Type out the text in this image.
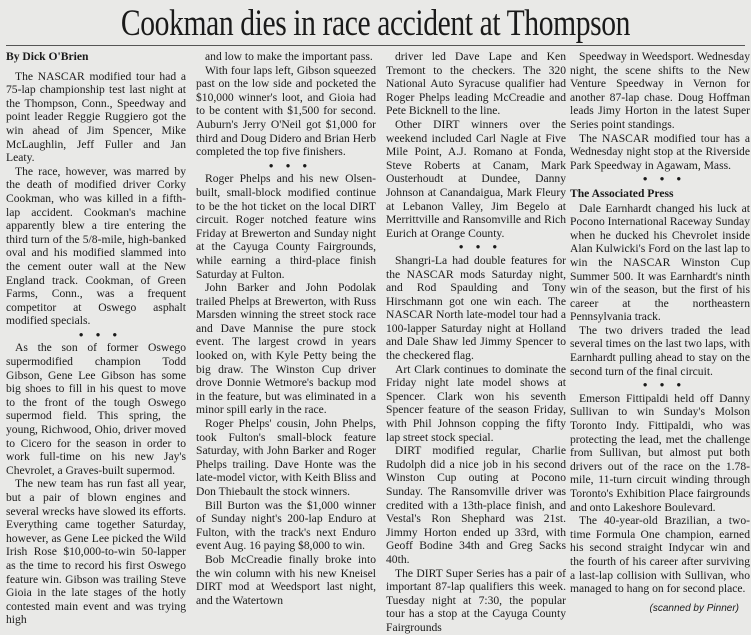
Cookman dies in race accident at Thompson

By Dick O'Brien

The NASCAR modified tour had a 75-lap championship test last night at the Thompson, Conn., Speedway and point leader Reggie Ruggiero got the win ahead of Jim Spencer, Mike McLaughlin, Jeff Fuller and Jan Leaty.

The race, however, was marred by the death of modified driver Corky Cookman, who was killed in a fifth-lap accident. Cookman's machine apparently blew a tire entering the third turn of the 5/8-mile, high-banked oval and his modified slammed into the cement outer wall at the New England track. Cookman, of Green Farms, Conn., was a frequent competitor at Oswego asphalt modified specials.

● ● ●

As the son of former Oswego supermodified champion Todd Gibson, Gene Lee Gibson has some big shoes to fill in his quest to move to the front of the tough Oswego supermod field. This spring, the young, Richwood, Ohio, driver moved to Cicero for the season in order to work full-time on his new Jay's Chevrolet, a Graves-built supermod.

The new team has run fast all year, but a pair of blown engines and several wrecks have slowed its efforts. Everything came together Saturday, however, as Gene Lee picked the Wild Irish Rose $10,000-to-win 50-lapper as the time to record his first Oswego feature win. Gibson was trailing Steve Gioia in the late stages of the hotly contested main event and was trying high

and low to make the important pass.

With four laps left, Gibson squeezed past on the low side and pocketed the $10,000 winner's loot, and Gioia had to be content with $1,500 for second. Auburn's Jerry O'Neil got $1,000 for third and Doug Didero and Brian Herb completed the top five finishers.

● ● ●

Roger Phelps and his new Olsen-built, small-block modified continue to be the hot ticket on the local DIRT circuit. Roger notched feature wins Friday at Brewerton and Sunday night at the Cayuga County Fairgrounds, while earning a third-place finish Saturday at Fulton.

John Barker and John Podolak trailed Phelps at Brewerton, with Russ Marsden winning the street stock race and Dave Mannise the pure stock event. The largest crowd in years looked on, with Kyle Petty being the big draw. The Winston Cup driver drove Donnie Wetmore's backup mod in the feature, but was eliminated in a minor spill early in the race.

Roger Phelps' cousin, John Phelps, took Fulton's small-block feature Saturday, with John Barker and Roger Phelps trailing. Dave Honte was the late-model victor, with Keith Bliss and Don Thiebault the stock winners.

Bill Burton was the $1,000 winner of Sunday night's 200-lap Enduro at Fulton, with the track's next Enduro event Aug. 16 paying $8,000 to win.

Bob McCreadie finally broke into the win column with his new Kneisel DIRT mod at Weedsport last night, and the Watertown

driver led Dave Lape and Ken Tremont to the checkers. The 320 National Auto Syracuse qualifier had Roger Phelps leading McCreadie and Pete Bicknell to the line.

Other DIRT winners over the weekend included Carl Nagle at Five Mile Point, A.J. Romano at Fonda, Steve Roberts at Canam, Mark Ousterhoudt at Dundee, Danny Johnson at Canandaigua, Mark Fleury at Lebanon Valley, Jim Begelo at Merrittville and Ransomville and Rich Eurich at Orange County.

● ● ●

Shangri-La had double features for the NASCAR mods Saturday night, and Rod Spaulding and Tony Hirschmann got one win each. The NASCAR North late-model tour had a 100-lapper Saturday night at Holland and Dale Shaw led Jimmy Spencer to the checkered flag.

Art Clark continues to dominate the Friday night late model shows at Spencer. Clark won his seventh Spencer feature of the season Friday, with Phil Johnson copping the fifty lap street stock special.

DIRT modified regular, Charlie Rudolph did a nice job in his second Winston Cup outing at Pocono Sunday. The Ransomville driver was credited with a 13th-place finish, and Vestal's Ron Shephard was 21st. Jimmy Horton ended up 33rd, with Geoff Bodine 34th and Greg Sacks 40th.

The DIRT Super Series has a pair of important 87-lap qualifiers this week. Tuesday night at 7:30, the popular tour has a stop at the Cayuga County Fairgrounds

Speedway in Weedsport. Wednesday night, the scene shifts to the New Venture Speedway in Vernon for another 87-lap chase. Doug Hoffman leads Jimy Horton in the latest Super Series point standings.

The NASCAR modified tour has a Wednesday night stop at the Riverside Park Speedway in Agawam, Mass.

● ● ●

The Associated Press

Dale Earnhardt changed his luck at Pocono International Raceway Sunday when he ducked his Chevrolet inside Alan Kulwicki's Ford on the last lap to win the NASCAR Winston Cup Summer 500. It was Earnhardt's ninth win of the season, but the first of his career at the northeastern Pennsylvania track.

The two drivers traded the lead several times on the last two laps, with Earnhardt pulling ahead to stay on the second turn of the final circuit.

● ● ●

Emerson Fittipaldi held off Danny Sullivan to win Sunday's Molson Toronto Indy. Fittipaldi, who was protecting the lead, met the challenge from Sullivan, but almost put both drivers out of the race on the 1.78-mile, 11-turn circuit winding through Toronto's Exhibition Place fairgrounds and onto Lakeshore Boulevard.

The 40-year-old Brazilian, a two-time Formula One champion, earned his second straight Indycar win and the fourth of his career after surviving a last-lap collision with Sullivan, who managed to hang on for second place.

(scanned by Pinner)
